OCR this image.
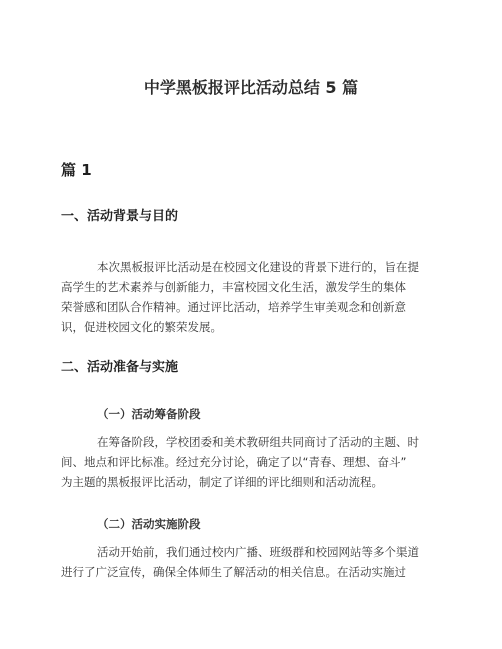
中学黑板报评比活动总结 5 篇
篇 1
一、活动背景与目的

本次黑板报评比活动是在校园文化建设的背景下进行的，旨在提
高学生的艺术素养与创新能力，丰富校园文化生活，激发学生的集体
荣誉感和团队合作精神。通过评比活动，培养学生审美观念和创新意
识，促进校园文化的繁荣发展。

二、活动准备与实施
（一）活动筹备阶段

在筹备阶段，学校团委和美术教研组共同商讨了活动的主题、时
间、地点和评比标准。经过充分讨论，确定了以“青春、理想、奋斗”
为主题的黑板报评比活动，制定了详细的评比细则和活动流程。

（二）活动实施阶段

活动开始前，我们通过校内广播、班级群和校园网站等多个渠道
进行了广泛宣传，确保全体师生了解活动的相关信息。在活动实施过
